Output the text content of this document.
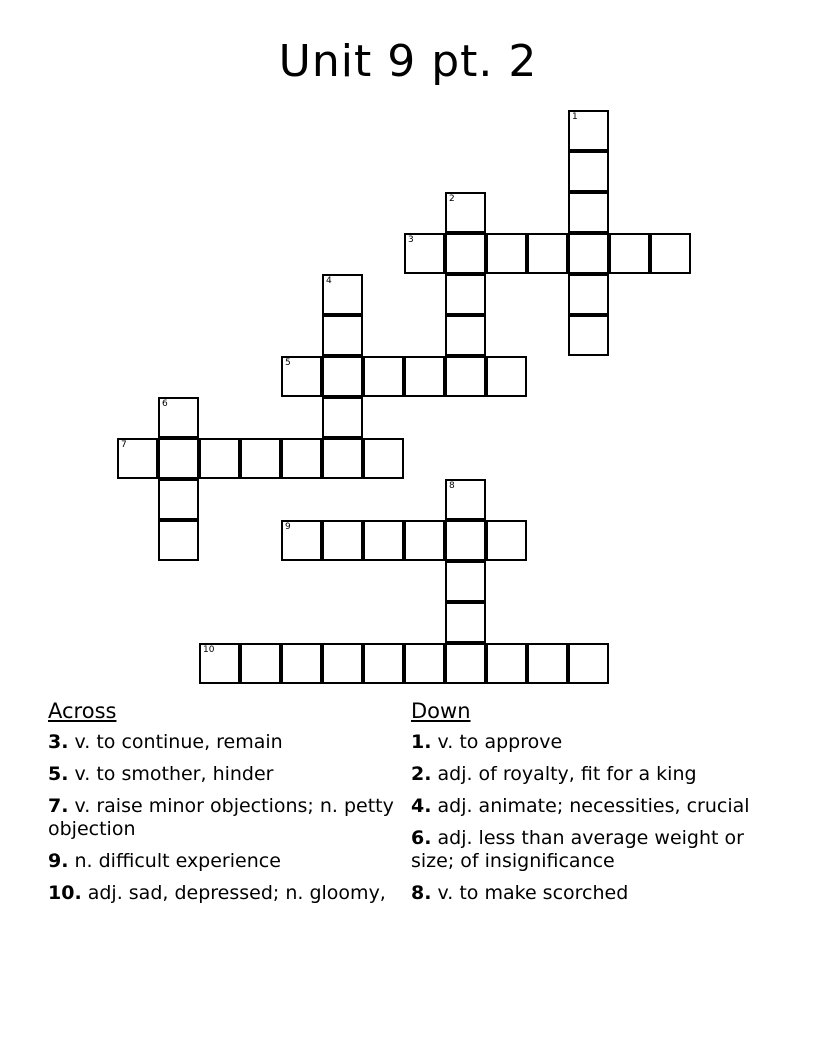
Unit 9 pt. 2
1
2
3
4
5
6
7
8
9
10
Across
3. v. to continue, remain
5. v. to smother, hinder
7. v. raise minor objections; n. petty objection
9. n. difficult experience
10. adj. sad, depressed; n. gloomy,
Down
1. v. to approve
2. adj. of royalty, fit for a king
4. adj. animate; necessities, crucial
6. adj. less than average weight or size; of insignificance
8. v. to make scorched
